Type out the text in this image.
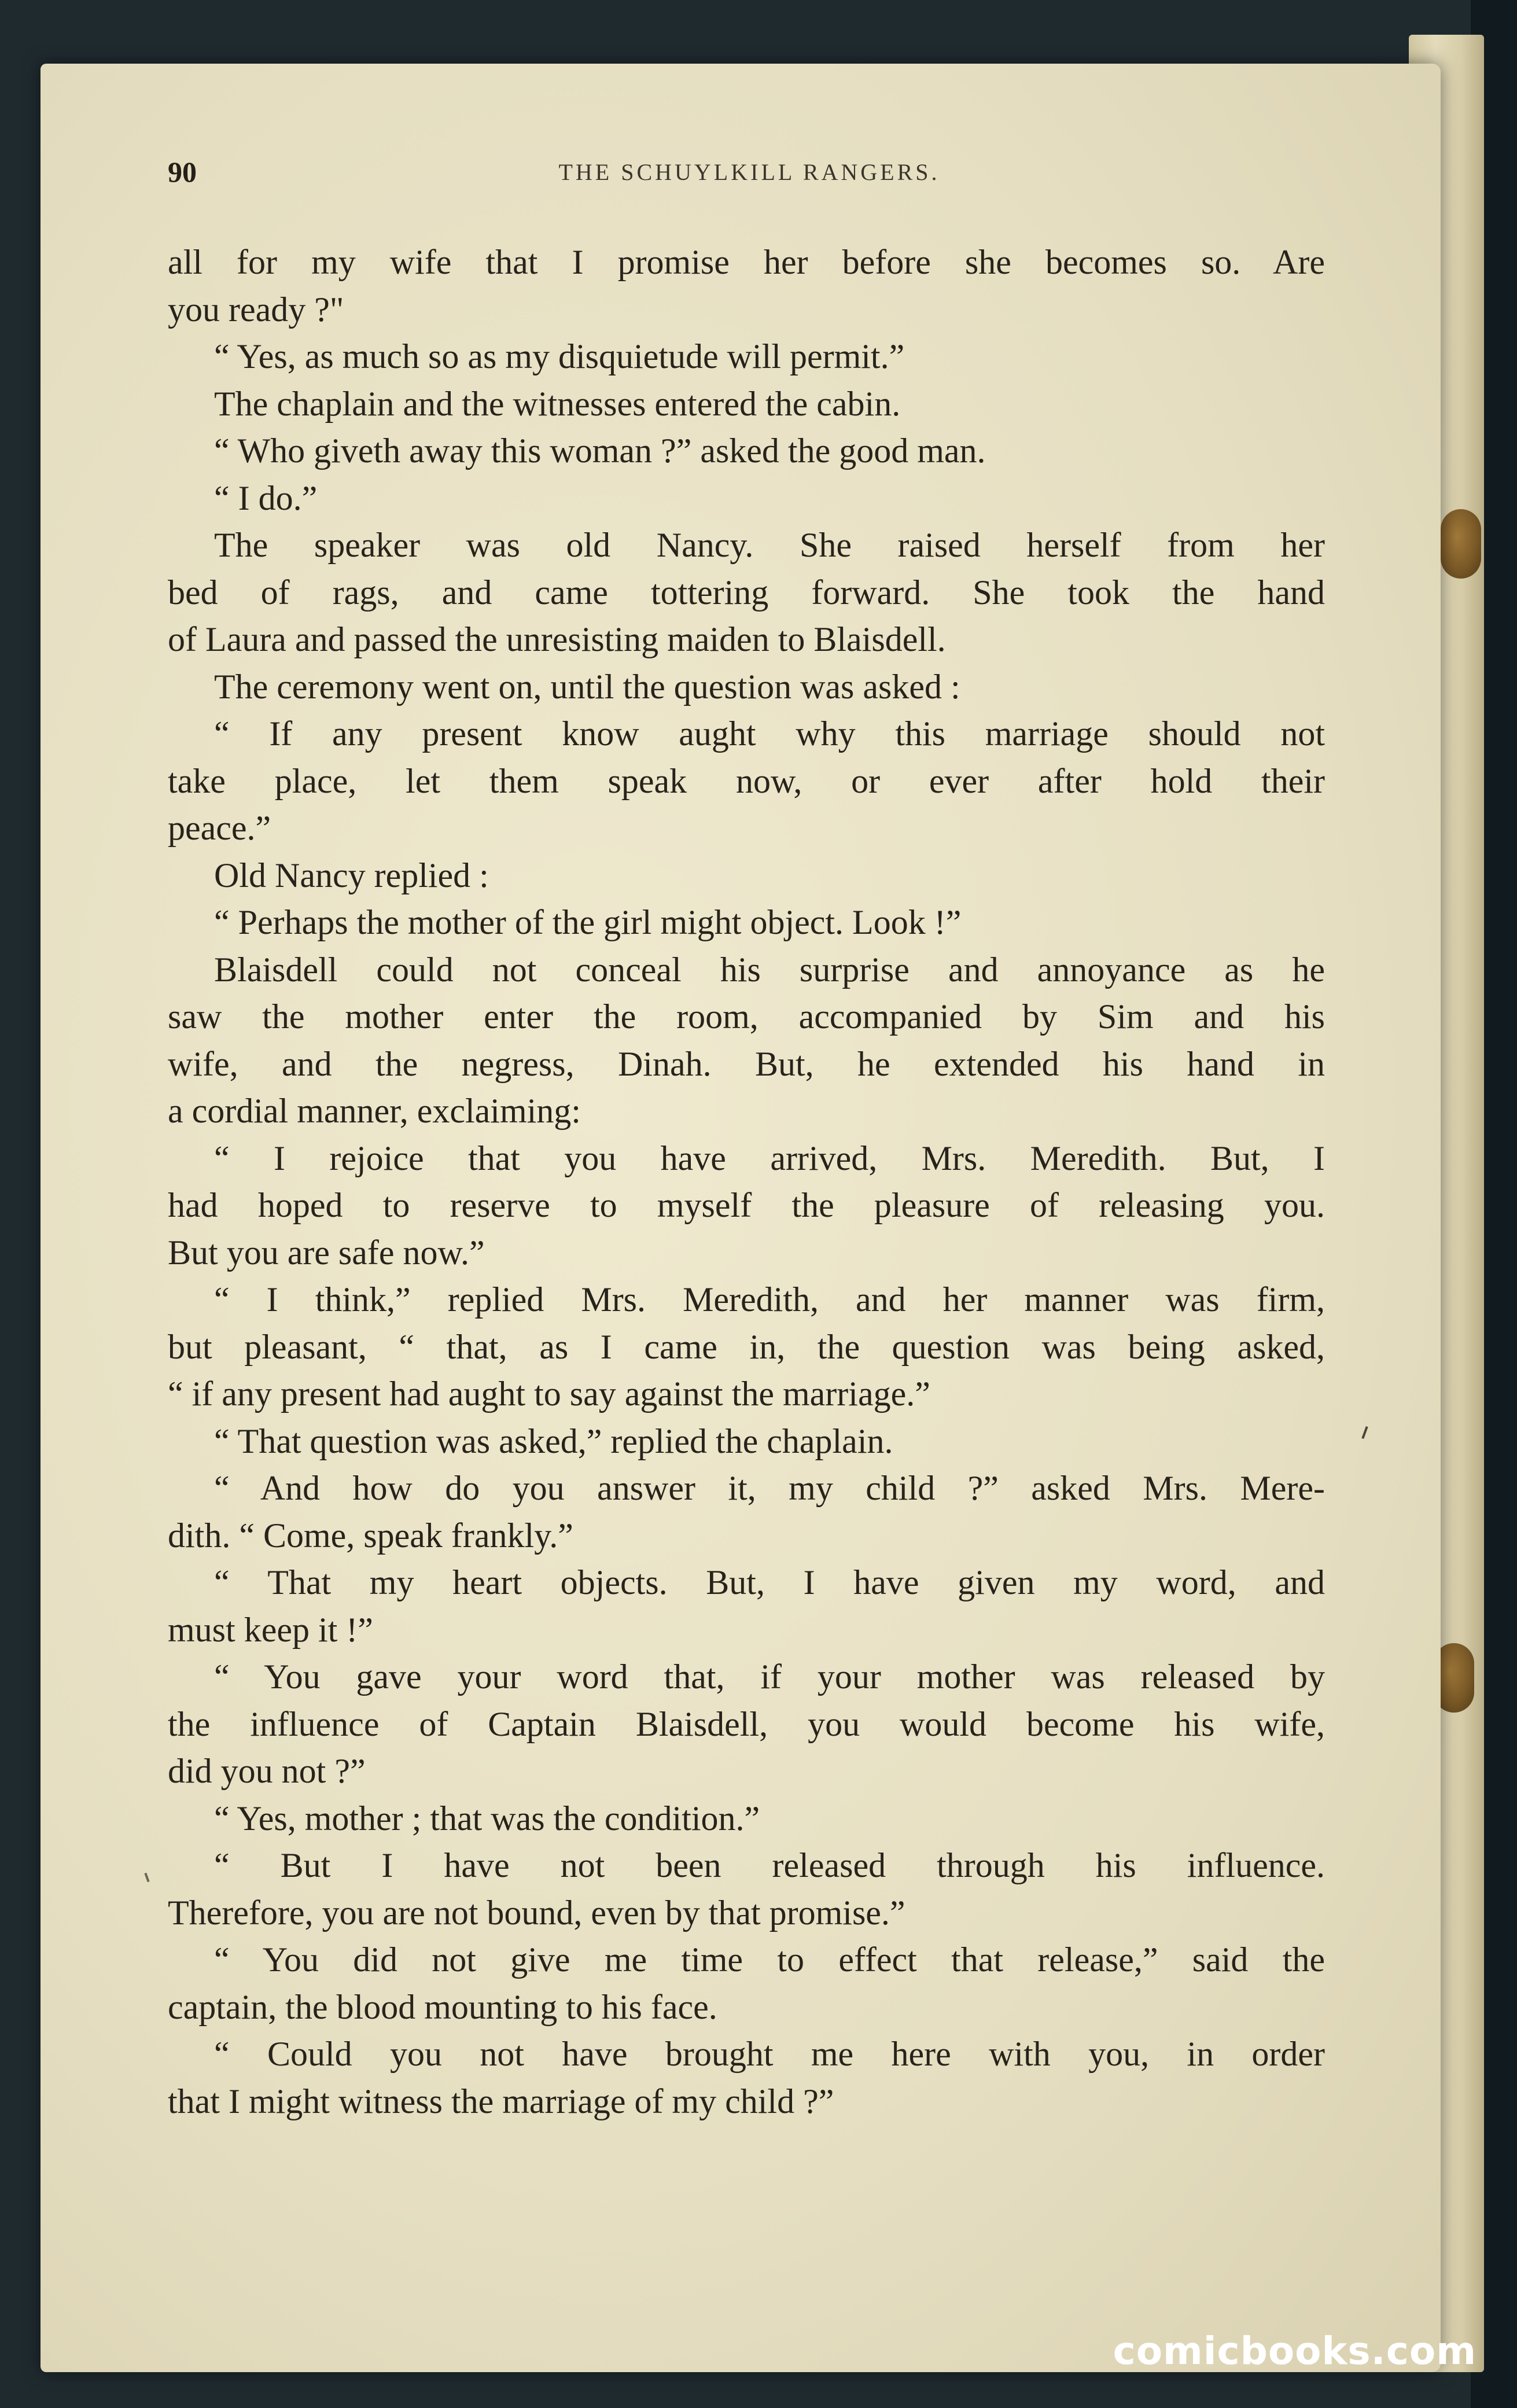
90	THE SCHUYLKILL RANGERS.
all for my wife that I promise her before she becomes so. Are
you ready ?"
“ Yes, as much so as my disquietude will permit.”
The chaplain and the witnesses entered the cabin.
“ Who giveth away this woman ?” asked the good man.
“ I do.”
The speaker was old Nancy. She raised herself from her
bed of rags, and came tottering forward. She took the hand
of Laura and passed the unresisting maiden to Blaisdell.
The ceremony went on, until the question was asked :
“ If any present know aught why this marriage should not
take place, let them speak now, or ever after hold their
peace.”
Old Nancy replied :
“ Perhaps the mother of the girl might object. Look !”
Blaisdell could not conceal his surprise and annoyance as he
saw the mother enter the room, accompanied by Sim and his
wife, and the negress, Dinah. But, he extended his hand in
a cordial manner, exclaiming:
“ I rejoice that you have arrived, Mrs. Meredith. But, I
had hoped to reserve to myself the pleasure of releasing you.
But you are safe now.”
“ I think,” replied Mrs. Meredith, and her manner was firm,
but pleasant, “ that, as I came in, the question was being asked,
“ if any present had aught to say against the marriage.”
“ That question was asked,” replied the chaplain.
“ And how do you answer it, my child ?” asked Mrs. Mere-
dith. “ Come, speak frankly.”
“ That my heart objects. But, I have given my word, and
must keep it !”
“ You gave your word that, if your mother was released by
the influence of Captain Blaisdell, you would become his wife,
did you not ?”
“ Yes, mother ; that was the condition.”
“ But I have not been released through his influence.
Therefore, you are not bound, even by that promise.”
“ You did not give me time to effect that release,” said the
captain, the blood mounting to his face.
“ Could you not have brought me here with you, in order
that I might witness the marriage of my child ?”
comicbooks.com
